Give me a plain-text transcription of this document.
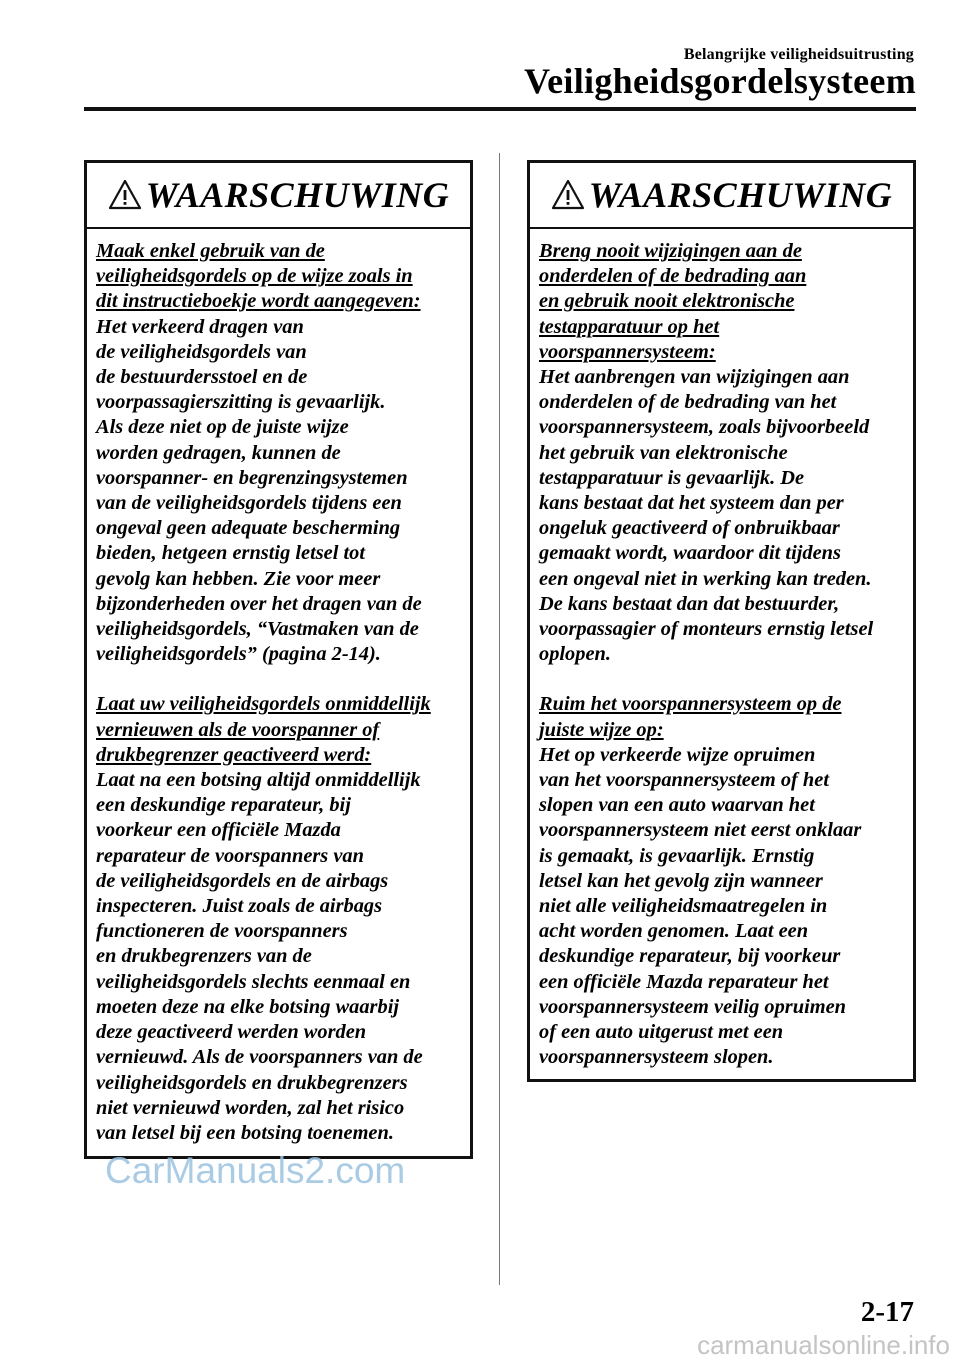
Belangrijke veiligheidsuitrusting

Veiligheidsgordelsysteem
WAARSCHUWING

Maak enkel gebruik van de
veiligheidsgordels op de wijze zoals in
dit instructieboekje wordt aangegeven:
Het verkeerd dragen van
de veiligheidsgordels van
de bestuurdersstoel en de
voorpassagierszitting is gevaarlijk.
Als deze niet op de juiste wijze
worden gedragen, kunnen de
voorspanner- en begrenzingsystemen
van de veiligheidsgordels tijdens een
ongeval geen adequate bescherming
bieden, hetgeen ernstig letsel tot
gevolg kan hebben. Zie voor meer
bijzonderheden over het dragen van de
veiligheidsgordels, “Vastmaken van de
veiligheidsgordels” (pagina 2-14).

Laat uw veiligheidsgordels onmiddellijk
vernieuwen als de voorspanner of
drukbegrenzer geactiveerd werd:
Laat na een botsing altijd onmiddellijk
een deskundige reparateur, bij
voorkeur een officiële Mazda
reparateur de voorspanners van
de veiligheidsgordels en de airbags
inspecteren. Juist zoals de airbags
functioneren de voorspanners
en drukbegrenzers van de
veiligheidsgordels slechts eenmaal en
moeten deze na elke botsing waarbij
deze geactiveerd werden worden
vernieuwd. Als de voorspanners van de
veiligheidsgordels en drukbegrenzers
niet vernieuwd worden, zal het risico
van letsel bij een botsing toenemen.

WAARSCHUWING

Breng nooit wijzigingen aan de
onderdelen of de bedrading aan
en gebruik nooit elektronische
testapparatuur op het
voorspannersysteem:
Het aanbrengen van wijzigingen aan
onderdelen of de bedrading van het
voorspannersysteem, zoals bijvoorbeeld
het gebruik van elektronische
testapparatuur is gevaarlijk. De
kans bestaat dat het systeem dan per
ongeluk geactiveerd of onbruikbaar
gemaakt wordt, waardoor dit tijdens
een ongeval niet in werking kan treden.
De kans bestaat dan dat bestuurder,
voorpassagier of monteurs ernstig letsel
oplopen.

Ruim het voorspannersysteem op de
juiste wijze op:
Het op verkeerde wijze opruimen
van het voorspannersysteem of het
slopen van een auto waarvan het
voorspannersysteem niet eerst onklaar
is gemaakt, is gevaarlijk. Ernstig
letsel kan het gevolg zijn wanneer
niet alle veiligheidsmaatregelen in
acht worden genomen. Laat een
deskundige reparateur, bij voorkeur
een officiële Mazda reparateur het
voorspannersysteem veilig opruimen
of een auto uitgerust met een
voorspannersysteem slopen.

CarManuals2.com

2-17

carmanualsonline.info
